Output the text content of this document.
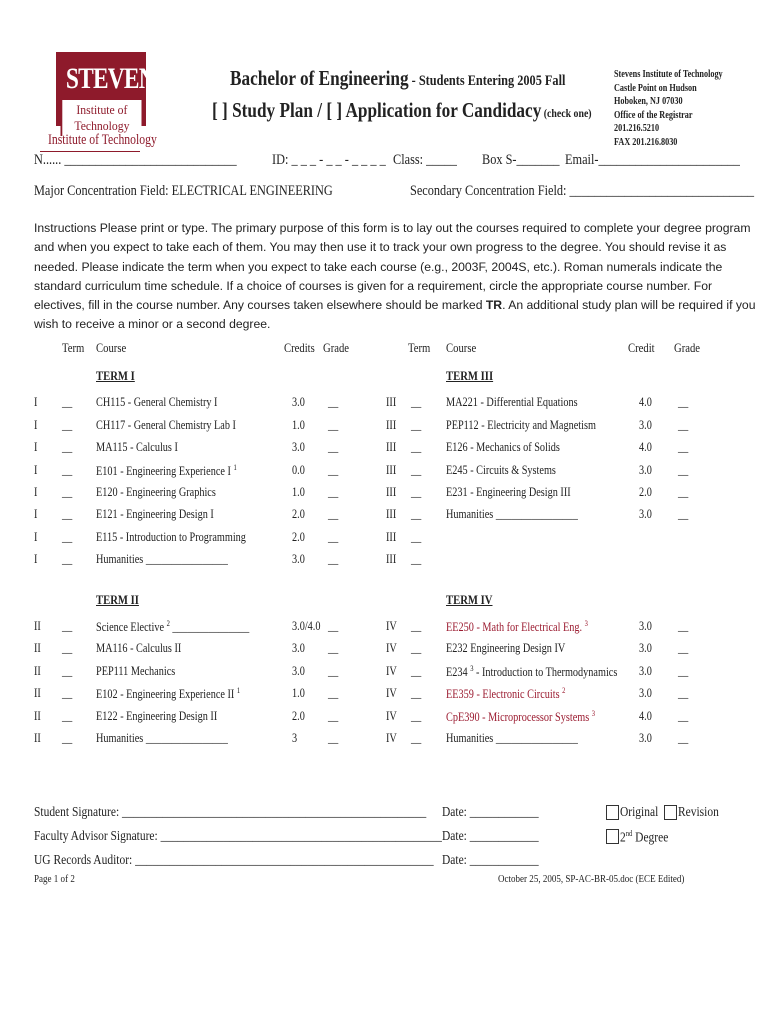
STEVENS
Institute of Technology
Institute of Technology
Bachelor of Engineering - Students Entering 2005 Fall
[ ] Study Plan / [ ] Application for Candidacy (check one)
Stevens Institute of Technology
Castle Point on Hudson
Hoboken, NJ 07030
Office of the Registrar
201.216.5210
FAX 201.216.8030
N...... ____________________________ ID: _ _ _ - _ _ - _ _ _ _ Class: _____ Box S-_______ Email-_______________________
Major Concentration Field: ELECTRICAL ENGINEERING	Secondary Concentration Field: ______________________________
Instructions Please print or type. The primary purpose of this form is to lay out the courses required to complete your degree program and when you expect to take each of them. You may then use it to track your own progress to the degree. You should revise it as needed. Please indicate the term when you expect to take each course (e.g., 2003F, 2004S, etc.). Roman numerals indicate the standard curriculum time schedule. If a choice of courses is given for a requirement, circle the appropriate course number. For electives, fill in the course number. Any courses taken elsewhere should be marked TR. An additional study plan will be required if you wish to receive a minor or a second degree.
Term Course	Credits Grade	Term Course	Credit Grade
TERM I	TERM III
TERM II	TERM IV
I __ CH115 - General Chemistry I	3.0 __
I __ CH117 - General Chemistry Lab I	1.0 __
I __ MA115 - Calculus I	3.0 __
I __ E101 - Engineering Experience I $^1$	0.0 __
I __ E120 - Engineering Graphics	1.0 __
I __ E121 - Engineering Design I	2.0 __
I __ E115 - Introduction to Programming	2.0 __
I __ Humanities ________________	3.0 __
III __ MA221 - Differential Equations	4.0 __
III __ PEP112 - Electricity and Magnetism	3.0 __
III __ E126 - Mechanics of Solids	4.0 __
III __ E245 - Circuits & Systems	3.0 __
III __ E231 - Engineering Design III	2.0 __
III __ Humanities ________________	3.0 __
III __
III __
II __ Science Elective $^2$ _______________	3.0/4.0 __
II __ MA116 - Calculus II	3.0 __
II __ PEP111 Mechanics	3.0 __
II __ E102 - Engineering Experience II $^1$	1.0 __
II __ E122 - Engineering Design II	2.0 __
II __ Humanities ________________	3 __
IV __ EE250 - Math for Electrical Eng. $^3$	3.0 __
IV __ E232 Engineering Design IV	3.0 __
IV __ E234 $^3$ - Introduction to Thermodynamics 3.0 __
IV __ EE359 - Electronic Circuits $^2$	3.0 __
IV __ CpE390 - Microprocessor Systems $^3$	4.0 __
IV __ Humanities ________________	3.0 __
Student Signature: _____________________________________________________
Faculty Advisor Signature: _________________________________________________
UG Records Auditor: ____________________________________________________
Date: ____________
Date: ____________
Date: ____________
Original Revision
2nd Degree
Page 1 of 2	October 25, 2005, SP-AC-BR-05.doc (ECE Edited)
